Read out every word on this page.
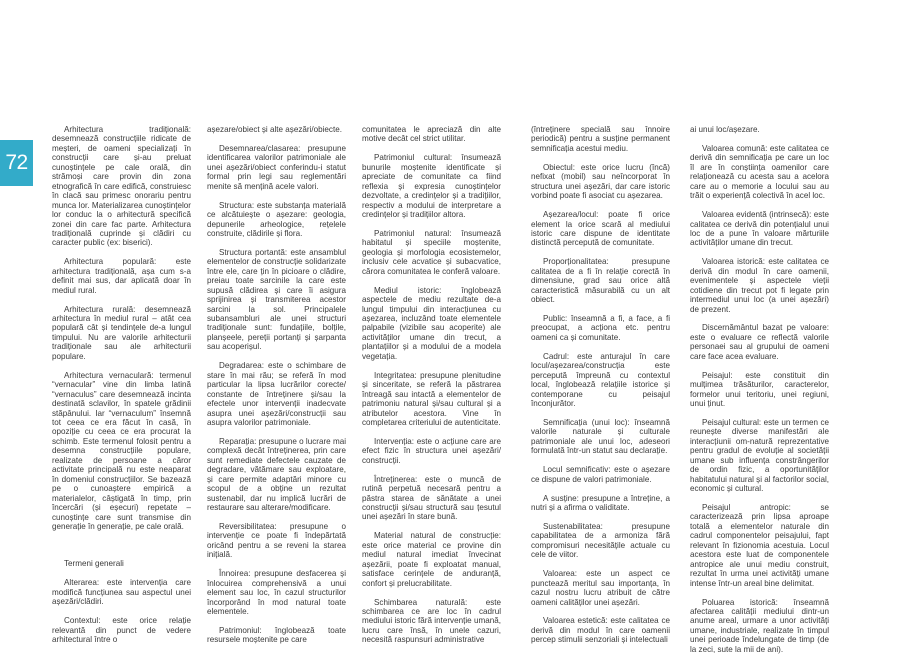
72

Arhitectura tradițională: desemnează construcțiile ridicate de meșteri, de oameni specializați în construcții care și-au preluat cunoștințele pe cale orală, din strămoși care provin din zona etnografică în care edifică, construiesc în clacă sau primesc onorariu pentru munca lor. Materializarea cunoștințelor lor conduc la o arhitectură specifică zonei din care fac parte. Arhitectura tradițională cuprinde și clădiri cu caracter public (ex: biserici).

Arhitectura populară: este arhitectura tradițională, așa cum s-a definit mai sus, dar aplicată doar în mediul rural.

Arhitectura rurală: desemnează arhitectura în mediul rural – atât cea populară cât și tendințele de-a lungul timpului. Nu are valorile arhitecturii tradiționale sau ale arhitecturii populare.

Arhitectura vernaculară: termenul “vernacular” vine din limba latină “vernaculus” care desemnează incinta destinată sclavilor, în spatele grădinii stăpânului. Iar “vernaculum” însemnă tot ceea ce era făcut în casă, în opoziție cu ceea ce era procurat la schimb. Este termenul folosit pentru a desemna construcțiile populare, realizate de persoane a căror activitate principală nu este neaparat în domeniul construcțiilor. Se bazează pe o cunoaștere empirică a materialelor, câștigată în timp, prin încercări (și eșecuri) repetate – cunoștințe care sunt transmise din generație în generație, pe cale orală.

Termeni generali

Alterarea: este intervenția care modifică funcțiunea sau aspectul unei așezări/clădiri.

Contextul: este orice relație relevantă din punct de vedere arhitectural între o

așezare/obiect și alte așezări/obiecte.

Desemnarea/clasarea: presupune identificarea valorilor patrimoniale ale unei așezări/obiect conferindu-i statut formal prin legi sau reglementări menite să mențină acele valori.

Structura: este substanța materială ce alcătuiește o așezare: geologia, depunerile arheologice, rețelele construite, clădirile și flora.

Structura portantă: este ansamblul elementelor de construcție solidarizate între ele, care țin în picioare o clădire, preiau toate sarcinile la care este supusă clădirea și care îi asigura sprijinirea și transmiterea acestor sarcini la sol. Principalele subansambluri ale unei structuri tradiționale sunt: fundațiile, bolțile, planșeele, pereții portanți și șarpanta sau acoperișul.

Degradarea: este o schimbare de stare în mai rău; se referă în mod particular la lipsa lucrărilor corecte/ constante de întreținere și/sau la efectele unor intervenții inadecvate asupra unei așezări/construcții sau asupra valorilor patrimoniale.

Reparația: presupune o lucrare mai complexă decât întreținerea, prin care sunt remediate defectele cauzate de degradare, vătămare sau exploatare, și care permite adaptări minore cu scopul de a obține un rezultat sustenabil, dar nu implică lucrări de restaurare sau alterare/modificare.

Reversibilitatea: presupune o intervenție ce poate fi îndepărtată oricând pentru a se reveni la starea inițială.

Înnoirea: presupune desfacerea și înlocuirea comprehensivă a unui element sau loc, în cazul structurilor încorporând în mod natural toate elementele.

Patrimoniul: înglobează toate resursele moștenite pe care

comunitatea le apreciază din alte motive decât cel strict utilitar.

Patrimoniul cultural: însumează bunurile moștenite identificate și apreciate de comunitate ca fiind reflexia și expresia cunoștințelor dezvoltate, a credințelor și a tradițiilor, respectiv a modului de interpretare a credințelor și tradițiilor altora.

Patrimoniul natural: însumează habitatul și speciile moștenite, geologia și morfologia ecosistemelor, inclusiv cele acvatice și subacvatice, cărora comunitatea le conferă valoare.

Mediul istoric: înglobează aspectele de mediu rezultate de-a lungul timpului din interacțiunea cu așezarea, incluzând toate elementele palpabile (vizibile sau acoperite) ale activităților umane din trecut, a plantațiilor și a modului de a modela vegetația.

Integritatea: presupune plenitudine și sinceritate, se referă la păstrarea întreagă sau intactă a elementelor de patrimoniu natural și/sau cultural și a atributelor acestora. Vine în completarea criteriului de autenticitate.

Intervenția: este o acțiune care are efect fizic în structura unei așezări/ construcții.

Întreținerea: este o muncă de rutină perpetuă necesară pentru a păstra starea de sănătate a unei construcții și/sau structură sau țesutul unei așezări în stare bună.

Material natural de construcție: este orice material ce provine din mediul natural imediat învecinat așezării, poate fi exploatat manual, satisface cerințele de anduranță, confort și prelucrabilitate.

Schimbarea naturală: este schimbarea ce are loc în cadrul mediului istoric fără intervenție umană, lucru care însă, în unele cazuri, necesită raspunsuri administrative

(întreținere specială sau înnoire periodică) pentru a susține permanent semnificația acestui mediu.

Obiectul: este orice lucru (încă) nefixat (mobil) sau neîncorporat în structura unei așezări, dar care istoric vorbind poate fi asociat cu așezarea.

Așezarea/locul: poate fi orice element la orice scară al mediului istoric care dispune de identitate distinctă percepută de comunitate.

Proporționalitatea: presupune calitatea de a fi în relație corectă în dimensiune, grad sau orice altă caracteristică măsurabilă cu un alt obiect.

Public: înseamnă a fi, a face, a fi preocupat, a acționa etc. pentru oameni ca și comunitate.

Cadrul: este anturajul în care locul/așezarea/construcția este percepută împreună cu contextul local, înglobează relațiile istorice și contemporane cu peisajul înconjurător.

Semnificația (unui loc): înseamnă valorile naturale și culturale patrimoniale ale unui loc, adeseori formulată într-un statut sau declarație.

Locul semnificativ: este o așezare ce dispune de valori patrimoniale.

A susține: presupune a întreține, a nutri și a afirma o validitate.

Sustenabilitatea: presupune capabilitatea de a armoniza fără compromisuri necesitățile actuale cu cele de viitor.

Valoarea: este un aspect ce punctează meritul sau importanța, în cazul nostru lucru atribuit de către oameni calităților unei așezări.

Valoarea estetică: este calitatea ce derivă din modul în care oamenii percep stimulii senzoriali și intelectuali

ai unui loc/așezare.

Valoarea comună: este calitatea ce derivă din semnificația pe care un loc îl are în conștiința oamenilor care relaționează cu acesta sau a acelora care au o memorie a locului sau au trăit o experiență colectivă în acel loc.

Valoarea evidentă (intrinsecă): este calitatea ce derivă din potențialul unui loc de a pune în valoare mărturiile activităților umane din trecut.

Valoarea istorică: este calitatea ce derivă din modul în care oamenii, evenimentele și aspectele vieții cotidiene din trecut pot fi legate prin intermediul unui loc (a unei așezări) de prezent.

Discernământul bazat pe valoare: este o evaluare ce reflectă valorile personaei sau al grupului de oameni care face acea evaluare.

Peisajul: este constituit din mulțimea trăsăturilor, caracterelor, formelor unui teritoriu, unei regiuni, unui ținut.

Peisajul cultural: este un termen ce reunește diverse manifestări ale interacțiunii om-natură reprezentative pentru gradul de evoluție al societății umane sub influența constrângerilor de ordin fizic, a oportunităților habitatului natural și al factorilor social, economic și cultural.

Peisajul antropic: se caracterizează prin lipsa aproape totală a elementelor naturale din cadrul componentelor peisajului, fapt relevant în fizionomia acestuia. Locul acestora este luat de componentele antropice ale unui mediu construit, rezultat în urma unei activități umane intense într-un areal bine delimitat.

Poluarea istorică: înseamnă afectarea calității mediului dintr-un anume areal, urmare a unor activități umane, industriale, realizate în timpul unei perioade îndelungate de timp (de la zeci, sute la mii de ani).
